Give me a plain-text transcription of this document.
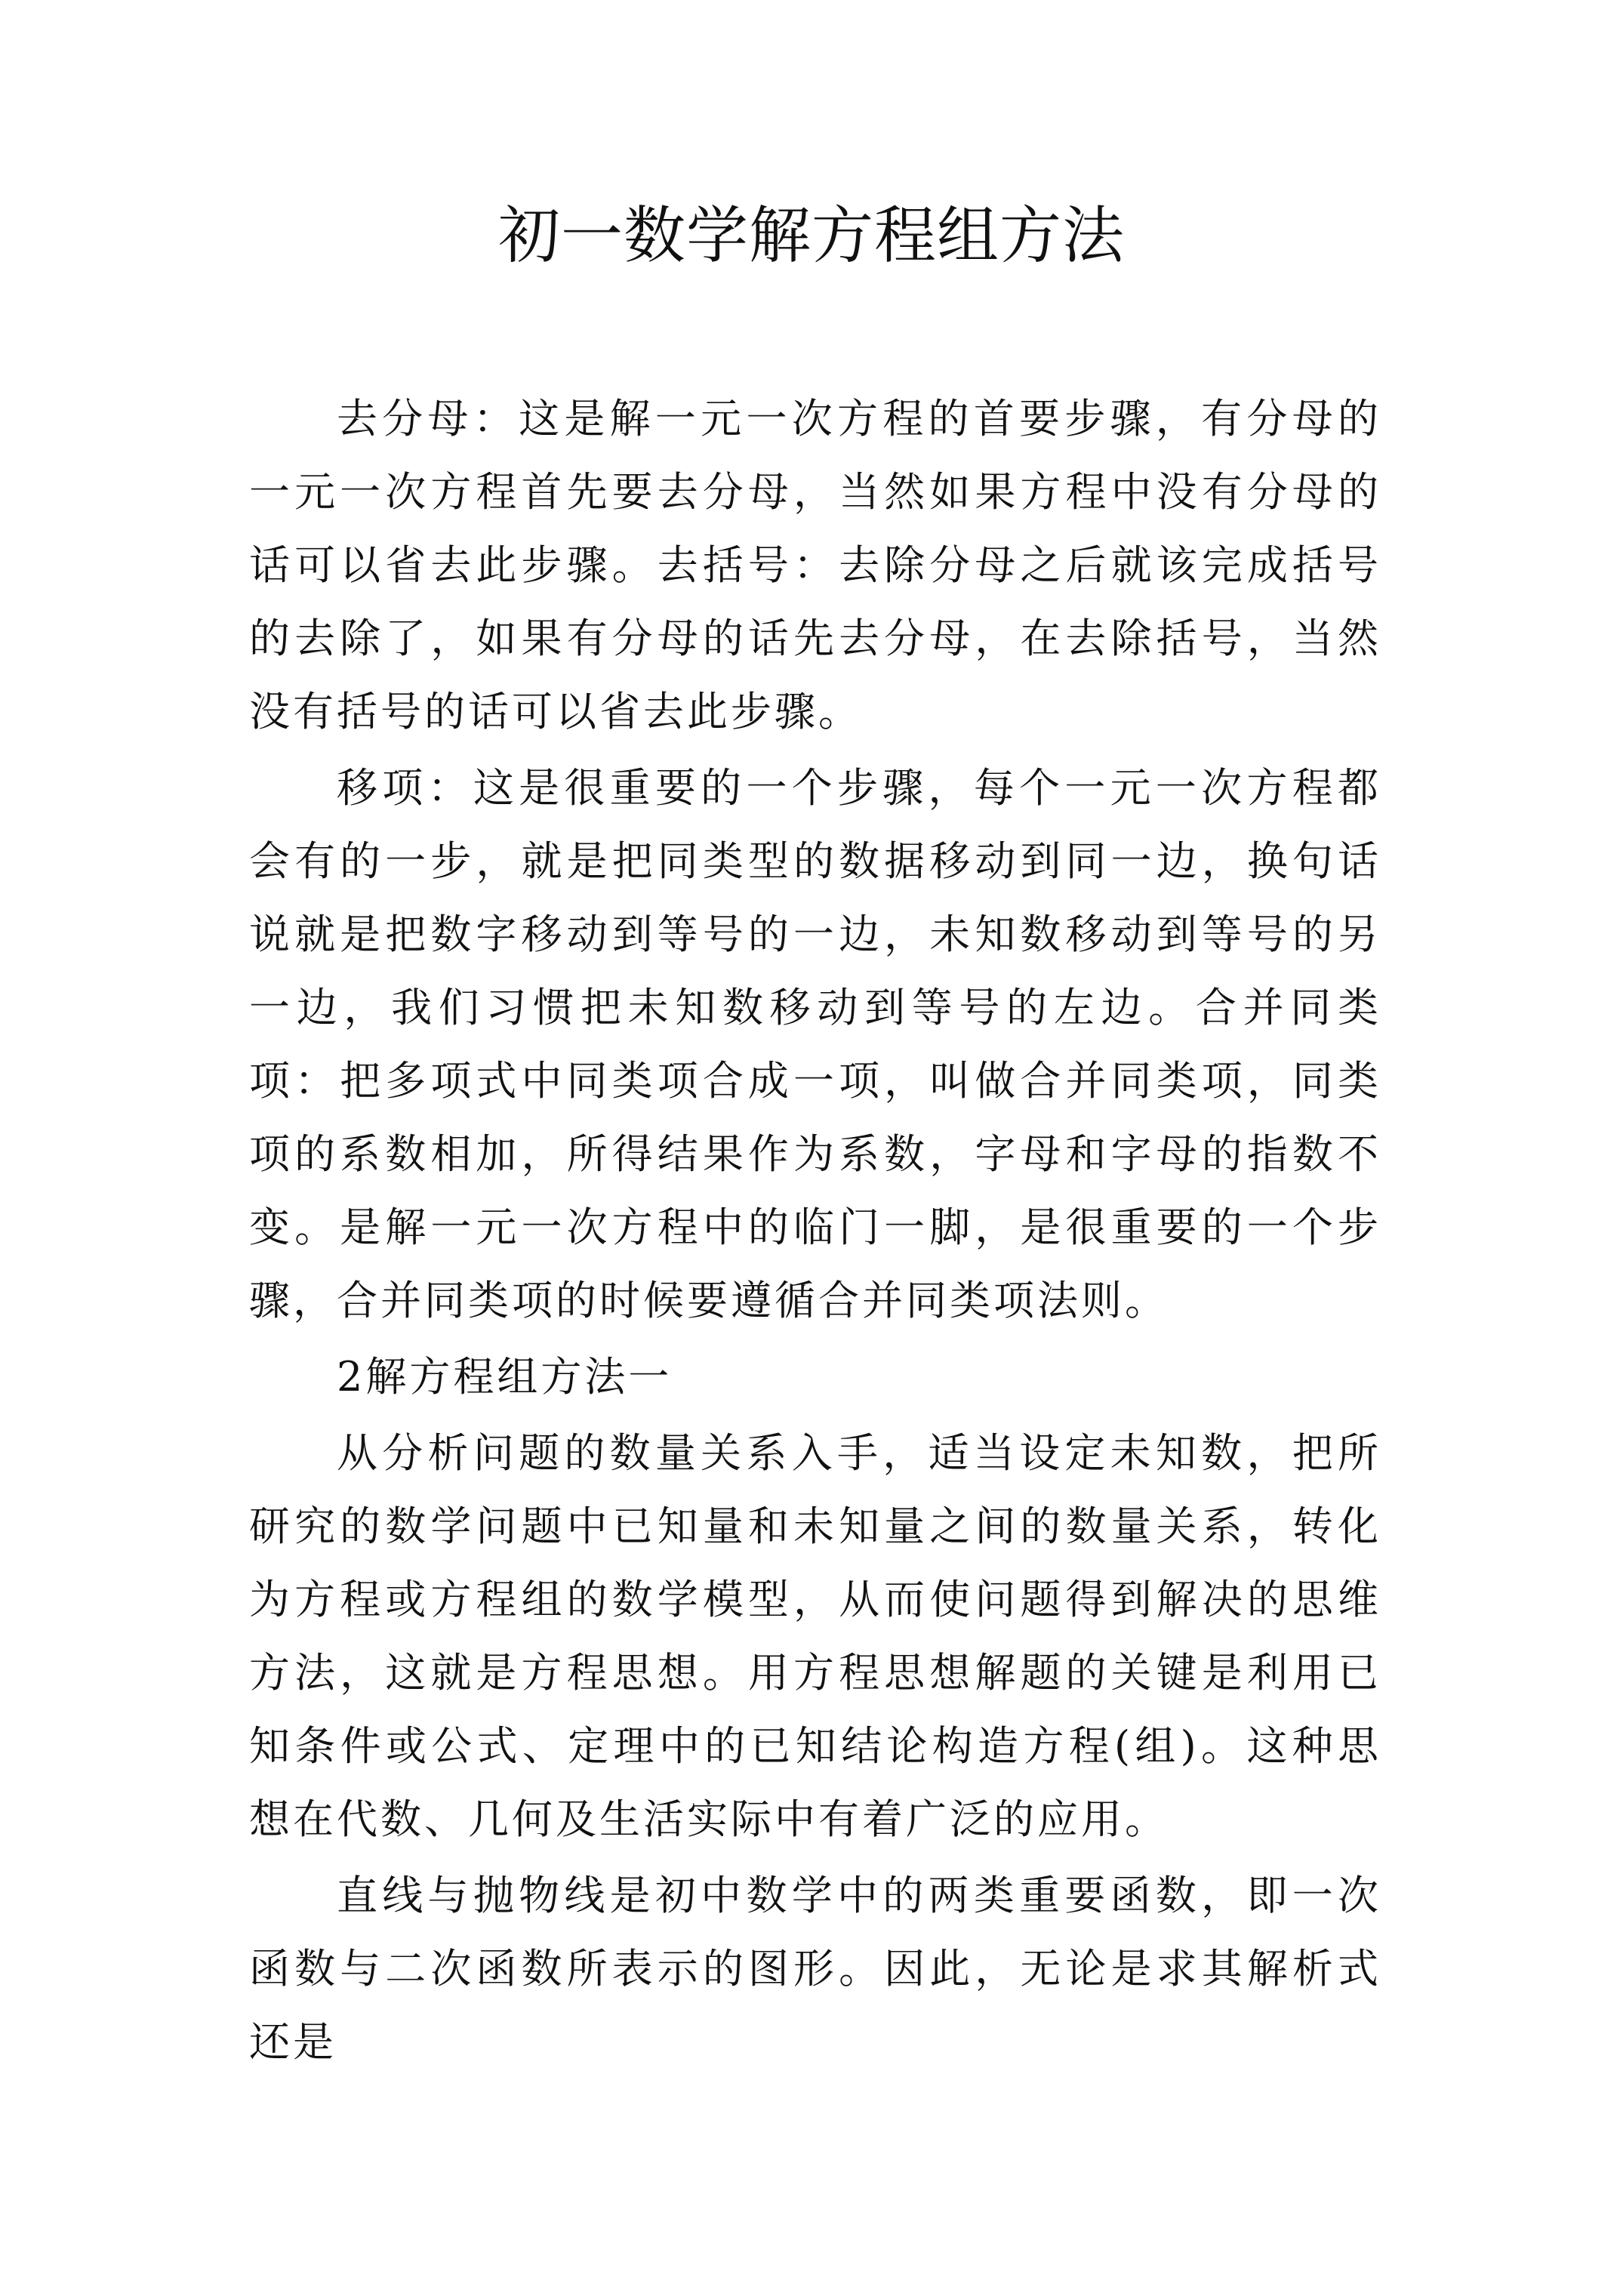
初一数学解方程组方法

去分母：这是解一元一次方程的首要步骤，有分母的一元一次方程首先要去分母，当然如果方程中没有分母的话可以省去此步骤。去括号：去除分母之后就该完成括号的去除了，如果有分母的话先去分母，在去除括号，当然没有括号的话可以省去此步骤。

移项：这是很重要的一个步骤，每个一元一次方程都会有的一步，就是把同类型的数据移动到同一边，换句话说就是把数字移动到等号的一边，未知数移动到等号的另一边，我们习惯把未知数移动到等号的左边。合并同类项：把多项式中同类项合成一项，叫做合并同类项，同类项的系数相加，所得结果作为系数，字母和字母的指数不变。是解一元一次方程中的临门一脚，是很重要的一个步骤，合并同类项的时候要遵循合并同类项法则。

2解方程组方法一

从分析问题的数量关系入手，适当设定未知数，把所研究的数学问题中已知量和未知量之间的数量关系，转化为方程或方程组的数学模型，从而使问题得到解决的思维方法，这就是方程思想。用方程思想解题的关键是利用已知条件或公式、定理中的已知结论构造方程(组)。这种思想在代数、几何及生活实际中有着广泛的应用。

直线与抛物线是初中数学中的两类重要函数，即一次函数与二次函数所表示的图形。因此，无论是求其解析式还是
